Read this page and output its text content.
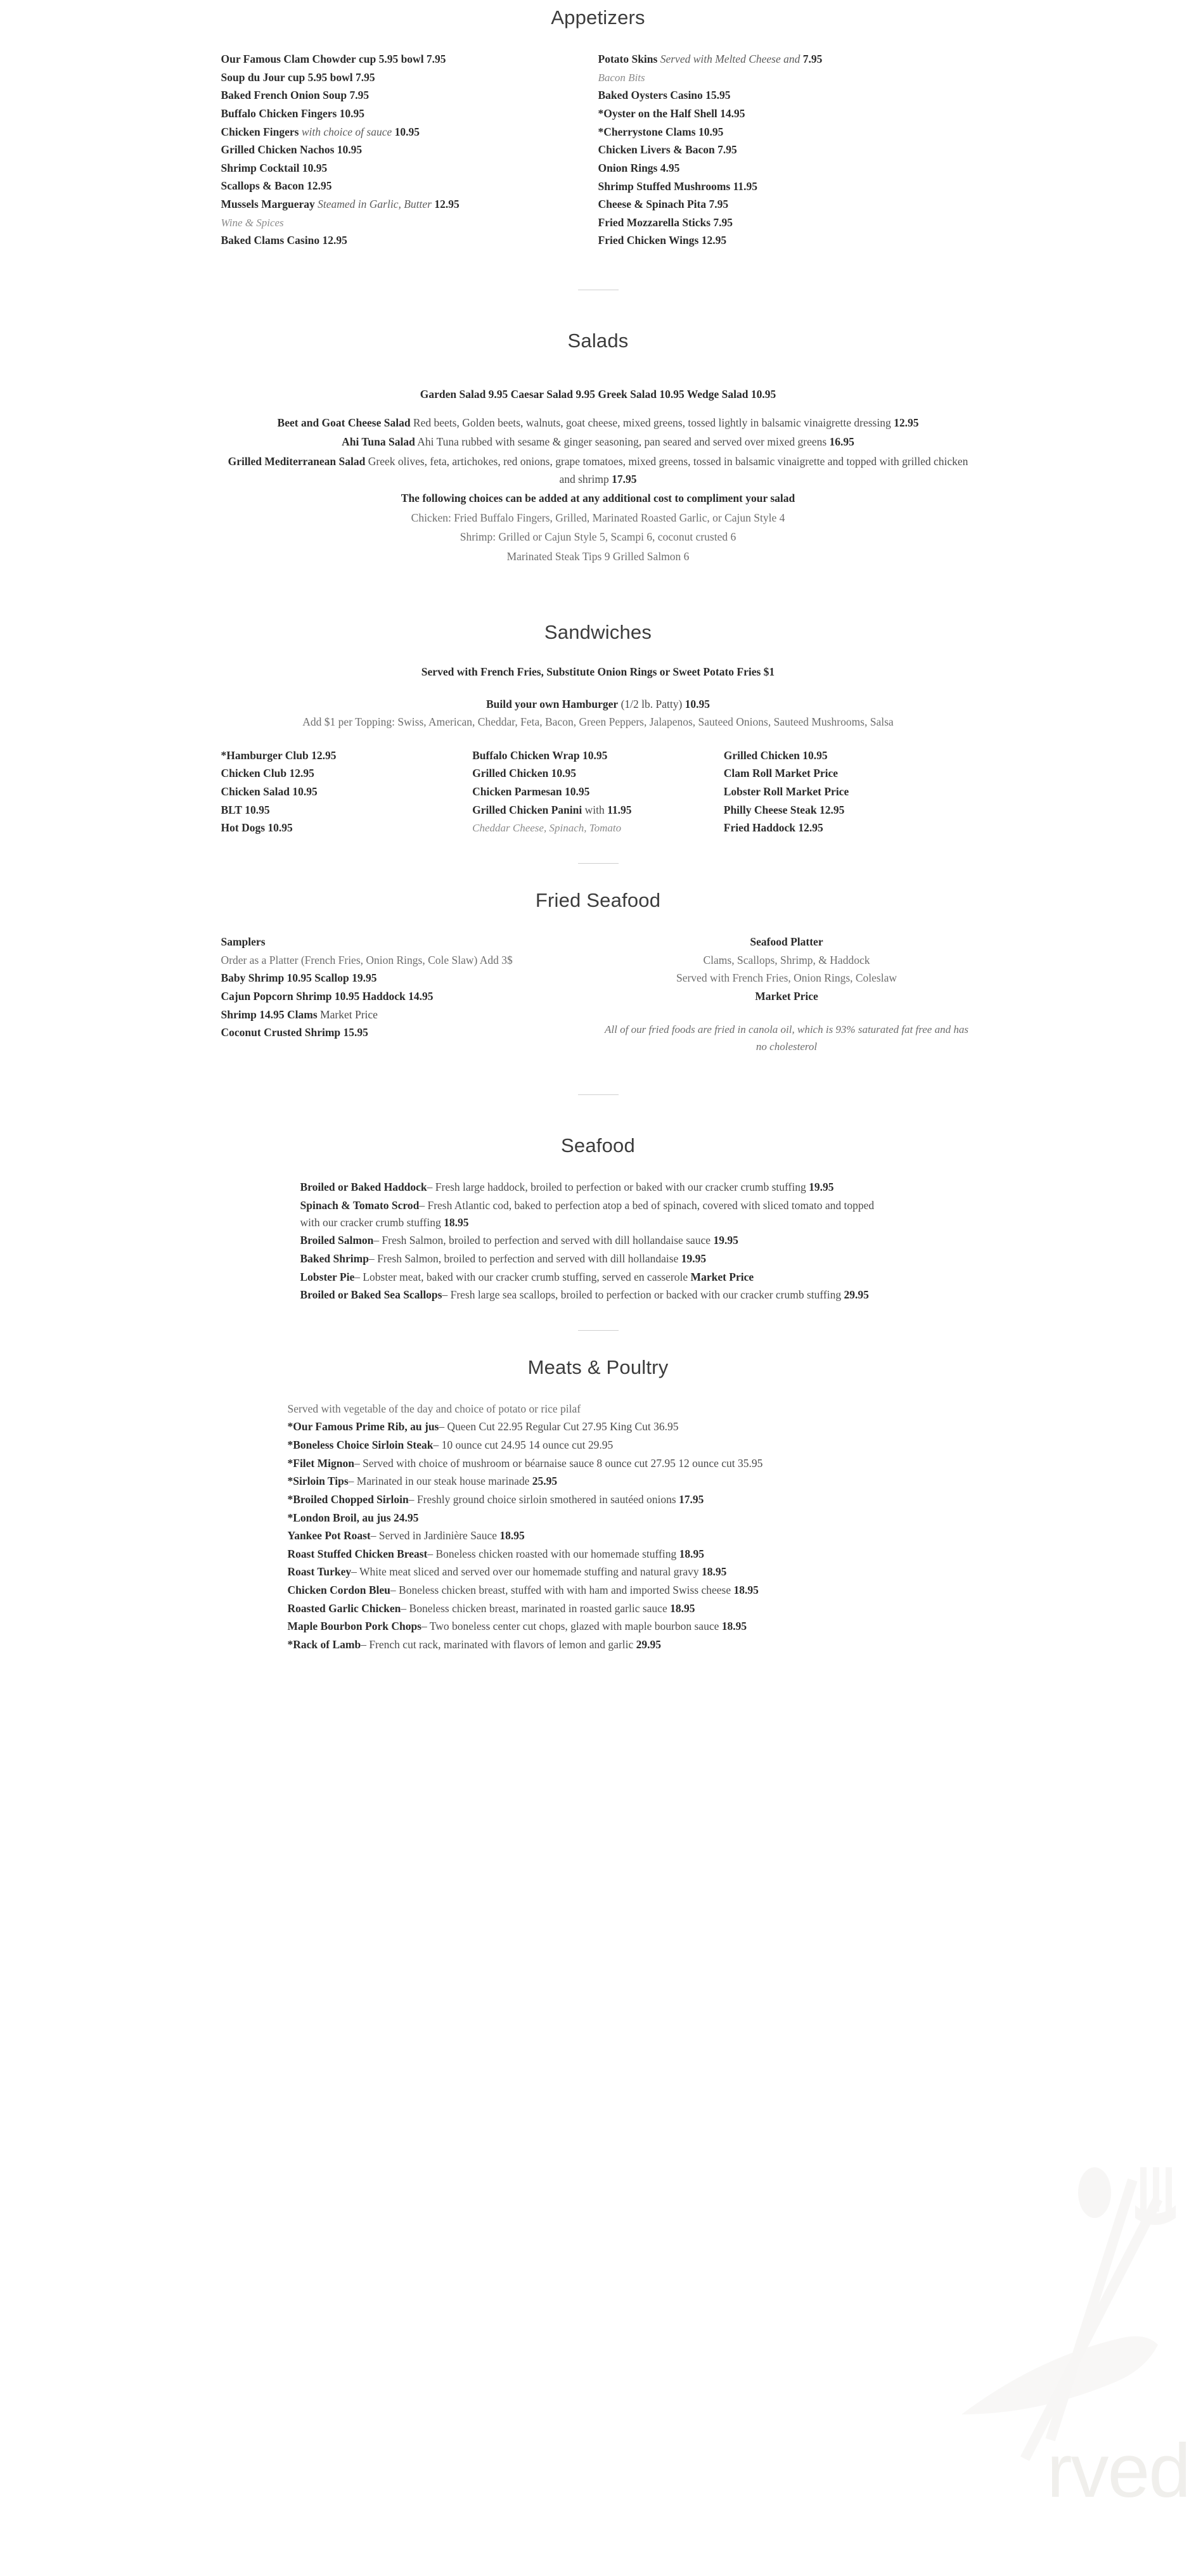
rved
Appetizers
Our Famous Clam Chowder cup 5.95 bowl 7.95
Soup du Jour cup 5.95 bowl 7.95
Baked French Onion Soup 7.95
Buffalo Chicken Fingers 10.95
Chicken Fingers with choice of sauce 10.95
Grilled Chicken Nachos 10.95
Shrimp Cocktail 10.95
Scallops & Bacon 12.95
Mussels Margueray Steamed in Garlic, Butter 12.95
Wine & Spices
Baked Clams Casino 12.95
Potato Skins Served with Melted Cheese and 7.95
Bacon Bits
Baked Oysters Casino 15.95
*Oyster on the Half Shell 14.95
*Cherrystone Clams 10.95
Chicken Livers & Bacon 7.95
Onion Rings 4.95
Shrimp Stuffed Mushrooms 11.95
Cheese & Spinach Pita 7.95
Fried Mozzarella Sticks 7.95
Fried Chicken Wings 12.95
Salads
Garden Salad 9.95 Caesar Salad 9.95 Greek Salad 10.95 Wedge Salad 10.95
Beet and Goat Cheese Salad Red beets, Golden beets, walnuts, goat cheese, mixed greens, tossed lightly in balsamic vinaigrette dressing 12.95
Ahi Tuna Salad Ahi Tuna rubbed with sesame & ginger seasoning, pan seared and served over mixed greens 16.95
Grilled Mediterranean Salad Greek olives, feta, artichokes, red onions, grape tomatoes, mixed greens, tossed in balsamic vinaigrette and topped with grilled chicken and shrimp 17.95
The following choices can be added at any additional cost to compliment your salad
Chicken: Fried Buffalo Fingers, Grilled, Marinated Roasted Garlic, or Cajun Style 4
Shrimp: Grilled or Cajun Style 5, Scampi 6, coconut crusted 6
Marinated Steak Tips 9 Grilled Salmon 6
Sandwiches
Served with French Fries, Substitute Onion Rings or Sweet Potato Fries $1
Build your own Hamburger (1/2 lb. Patty) 10.95
Add $1 per Topping: Swiss, American, Cheddar, Feta, Bacon, Green Peppers, Jalapenos, Sauteed Onions, Sauteed Mushrooms, Salsa
*Hamburger Club 12.95
Chicken Club 12.95
Chicken Salad 10.95
BLT 10.95
Hot Dogs 10.95
Buffalo Chicken Wrap 10.95
Grilled Chicken 10.95
Chicken Parmesan 10.95
Grilled Chicken Panini with 11.95
Cheddar Cheese, Spinach, Tomato
Grilled Chicken 10.95
Clam Roll Market Price
Lobster Roll Market Price
Philly Cheese Steak 12.95
Fried Haddock 12.95
Fried Seafood
Samplers
Order as a Platter (French Fries, Onion Rings, Cole Slaw) Add 3$
Baby Shrimp 10.95 Scallop 19.95
Cajun Popcorn Shrimp 10.95 Haddock 14.95
Shrimp 14.95 Clams Market Price
Coconut Crusted Shrimp 15.95
Seafood Platter
Clams, Scallops, Shrimp, & Haddock
Served with French Fries, Onion Rings, Coleslaw
Market Price
All of our fried foods are fried in canola oil, which is 93% saturated fat free and has no cholesterol
Seafood
Broiled or Baked Haddock– Fresh large haddock, broiled to perfection or baked with our cracker crumb stuffing 19.95
Spinach & Tomato Scrod– Fresh Atlantic cod, baked to perfection atop a bed of spinach, covered with sliced tomato and topped with our cracker crumb stuffing 18.95
Broiled Salmon– Fresh Salmon, broiled to perfection and served with dill hollandaise sauce 19.95
Baked Shrimp– Fresh Salmon, broiled to perfection and served with dill hollandaise 19.95
Lobster Pie– Lobster meat, baked with our cracker crumb stuffing, served en casserole Market Price
Broiled or Baked Sea Scallops– Fresh large sea scallops, broiled to perfection or backed with our cracker crumb stuffing 29.95
Meats & Poultry
Served with vegetable of the day and choice of potato or rice pilaf
*Our Famous Prime Rib, au jus– Queen Cut 22.95 Regular Cut 27.95 King Cut 36.95
*Boneless Choice Sirloin Steak– 10 ounce cut 24.95 14 ounce cut 29.95
*Filet Mignon– Served with choice of mushroom or béarnaise sauce 8 ounce cut 27.95 12 ounce cut 35.95
*Sirloin Tips– Marinated in our steak house marinade 25.95
*Broiled Chopped Sirloin– Freshly ground choice sirloin smothered in sautéed onions 17.95
*London Broil, au jus 24.95
Yankee Pot Roast– Served in Jardinière Sauce 18.95
Roast Stuffed Chicken Breast– Boneless chicken roasted with our homemade stuffing 18.95
Roast Turkey– White meat sliced and served over our homemade stuffing and natural gravy 18.95
Chicken Cordon Bleu– Boneless chicken breast, stuffed with with ham and imported Swiss cheese 18.95
Roasted Garlic Chicken– Boneless chicken breast, marinated in roasted garlic sauce 18.95
Maple Bourbon Pork Chops– Two boneless center cut chops, glazed with maple bourbon sauce 18.95
*Rack of Lamb– French cut rack, marinated with flavors of lemon and garlic 29.95
